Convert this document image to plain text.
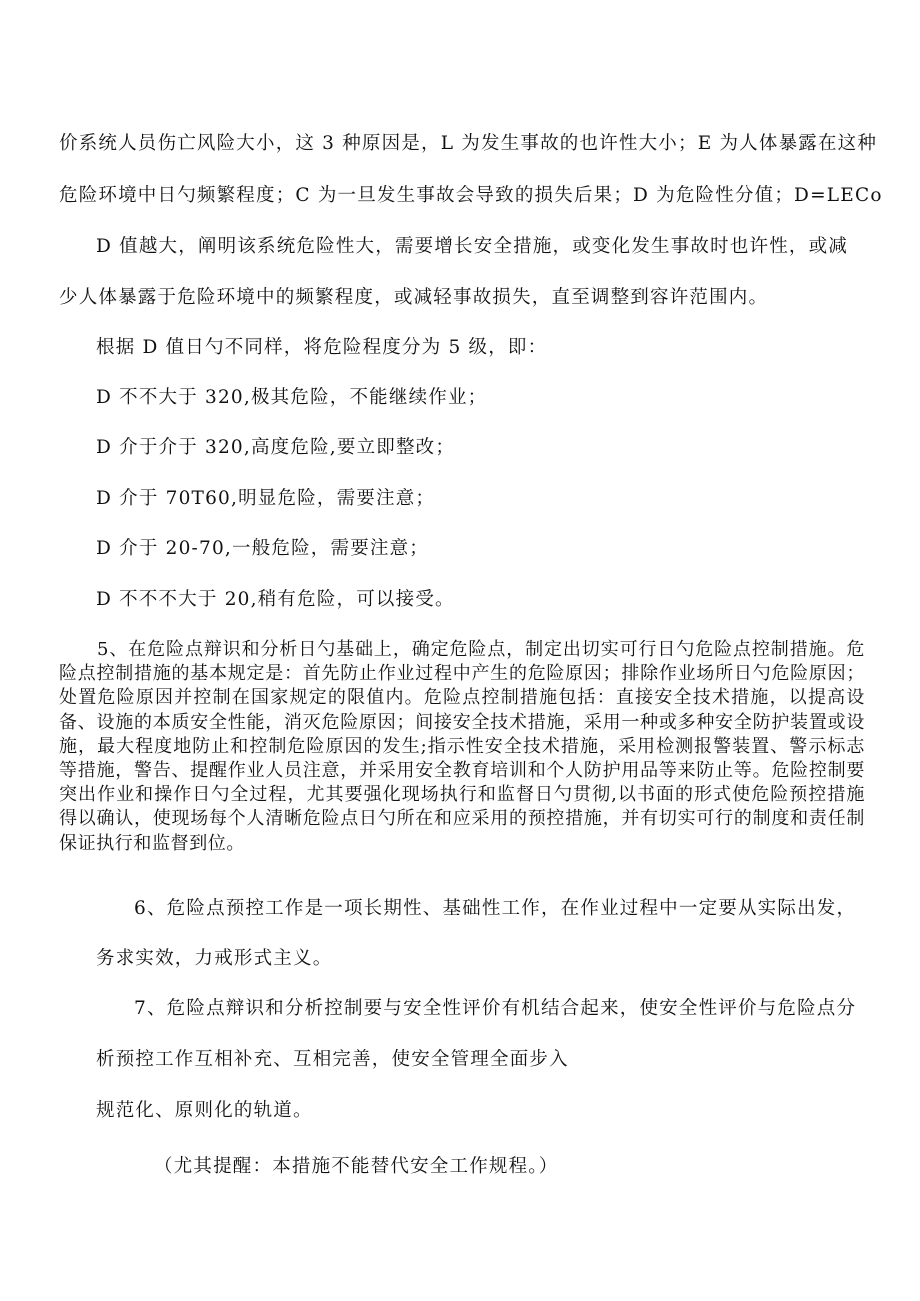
价系统人员伤亡风险大小，这 3 种原因是，L 为发生事故的也许性大小；E 为人体暴露在这种
危险环境中日勺频繁程度；C 为一旦发生事故会导致的损失后果；D 为危险性分值；D=LECo
D 值越大，阐明该系统危险性大，需要增长安全措施，或变化发生事故时也许性，或减
少人体暴露于危险环境中的频繁程度，或减轻事故损失，直至调整到容许范围内。
根据 D 值日勺不同样，将危险程度分为 5 级，即：
D 不不大于 320,极其危险，不能继续作业；
D 介于介于 320,高度危险,要立即整改；
D 介于 70T60,明显危险，需要注意；
D 介于 20-70,一般危险，需要注意；
D 不不不大于 20,稍有危险，可以接受。
5、在危险点辩识和分析日勺基础上，确定危险点，制定出切实可行日勺危险点控制措施。危险点控制措施的基本规定是：首先防止作业过程中产生的危险原因；排除作业场所日勺危险原因；处置危险原因并控制在国家规定的限值内。危险点控制措施包括：直接安全技术措施，以提高设备、设施的本质安全性能，消灭危险原因；间接安全技术措施，采用一种或多种安全防护装置或设施，最大程度地防止和控制危险原因的发生;指示性安全技术措施，采用检测报警装置、警示标志等措施，警告、提醒作业人员注意，并采用安全教育培训和个人防护用品等来防止等。危险控制要突出作业和操作日勺全过程，尤其要强化现场执行和监督日勺贯彻,以书面的形式使危险预控措施得以确认，使现场每个人清晰危险点日勺所在和应采用的预控措施，并有切实可行的制度和责任制保证执行和监督到位。
6、危险点预控工作是一项长期性、基础性工作，在作业过程中一定要从实际出发，
务求实效，力戒形式主义。
7、危险点辩识和分析控制要与安全性评价有机结合起来，使安全性评价与危险点分
析预控工作互相补充、互相完善，使安全管理全面步入
规范化、原则化的轨道。
（尤其提醒：本措施不能替代安全工作规程。）
